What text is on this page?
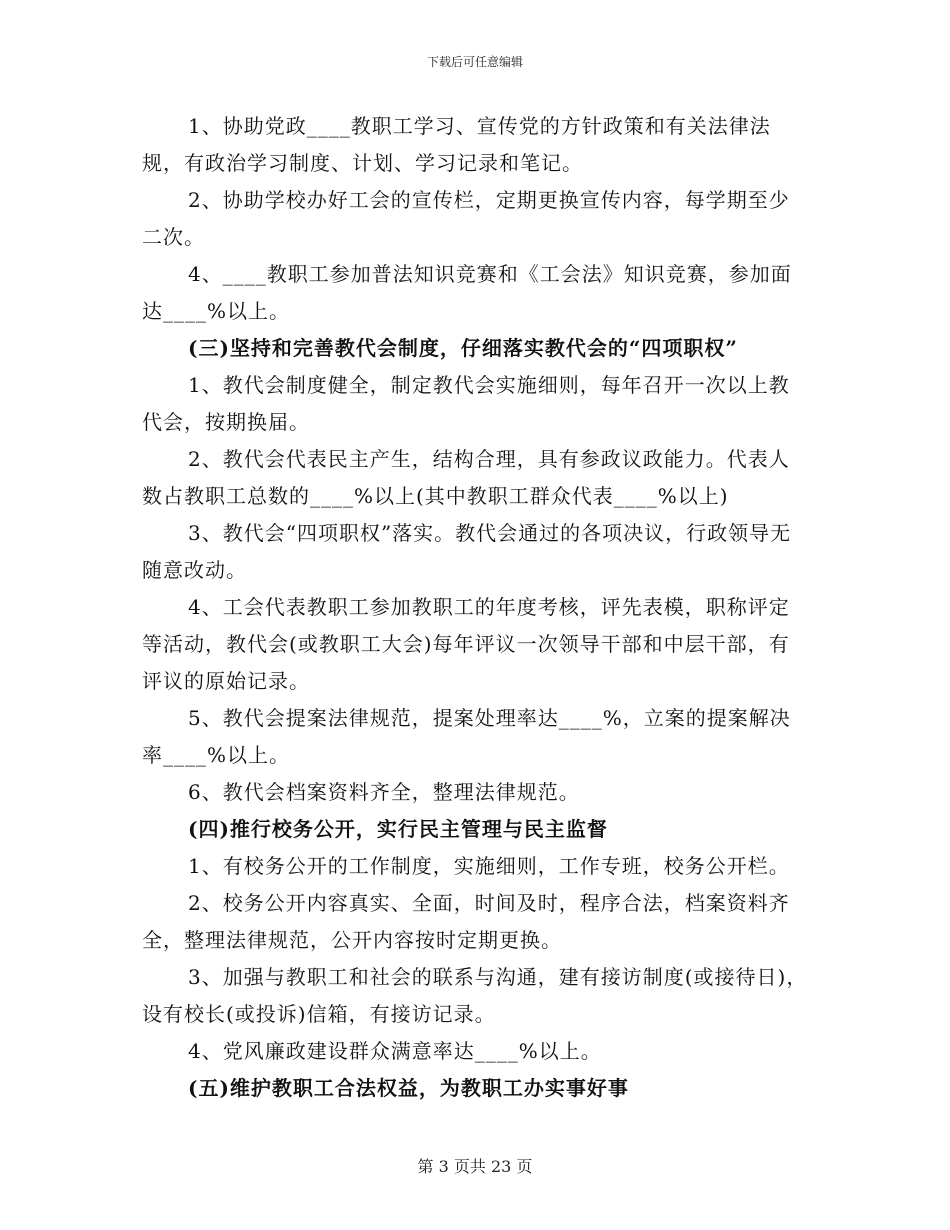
下载后可任意编辑

1、协助党政____教职工学习、宣传党的方针政策和有关法律法规，有政治学习制度、计划、学习记录和笔记。

2、协助学校办好工会的宣传栏，定期更换宣传内容，每学期至少二次。

4、____教职工参加普法知识竞赛和《工会法》知识竞赛，参加面达____%以上。

(三)坚持和完善教代会制度，仔细落实教代会的“四项职权”

1、教代会制度健全，制定教代会实施细则，每年召开一次以上教代会，按期换届。

2、教代会代表民主产生，结构合理，具有参政议政能力。代表人数占教职工总数的____%以上(其中教职工群众代表____%以上)

3、教代会“四项职权”落实。教代会通过的各项决议，行政领导无随意改动。

4、工会代表教职工参加教职工的年度考核，评先表模，职称评定等活动，教代会(或教职工大会)每年评议一次领导干部和中层干部，有评议的原始记录。

5、教代会提案法律规范，提案处理率达____%，立案的提案解决率____%以上。

6、教代会档案资料齐全，整理法律规范。

(四)推行校务公开，实行民主管理与民主监督

1、有校务公开的工作制度，实施细则，工作专班，校务公开栏。

2、校务公开内容真实、全面，时间及时，程序合法，档案资料齐全，整理法律规范，公开内容按时定期更换。

3、加强与教职工和社会的联系与沟通，建有接访制度(或接待日)，设有校长(或投诉)信箱，有接访记录。

4、党风廉政建设群众满意率达____%以上。

(五)维护教职工合法权益，为教职工办实事好事

第 3 页共 23 页
